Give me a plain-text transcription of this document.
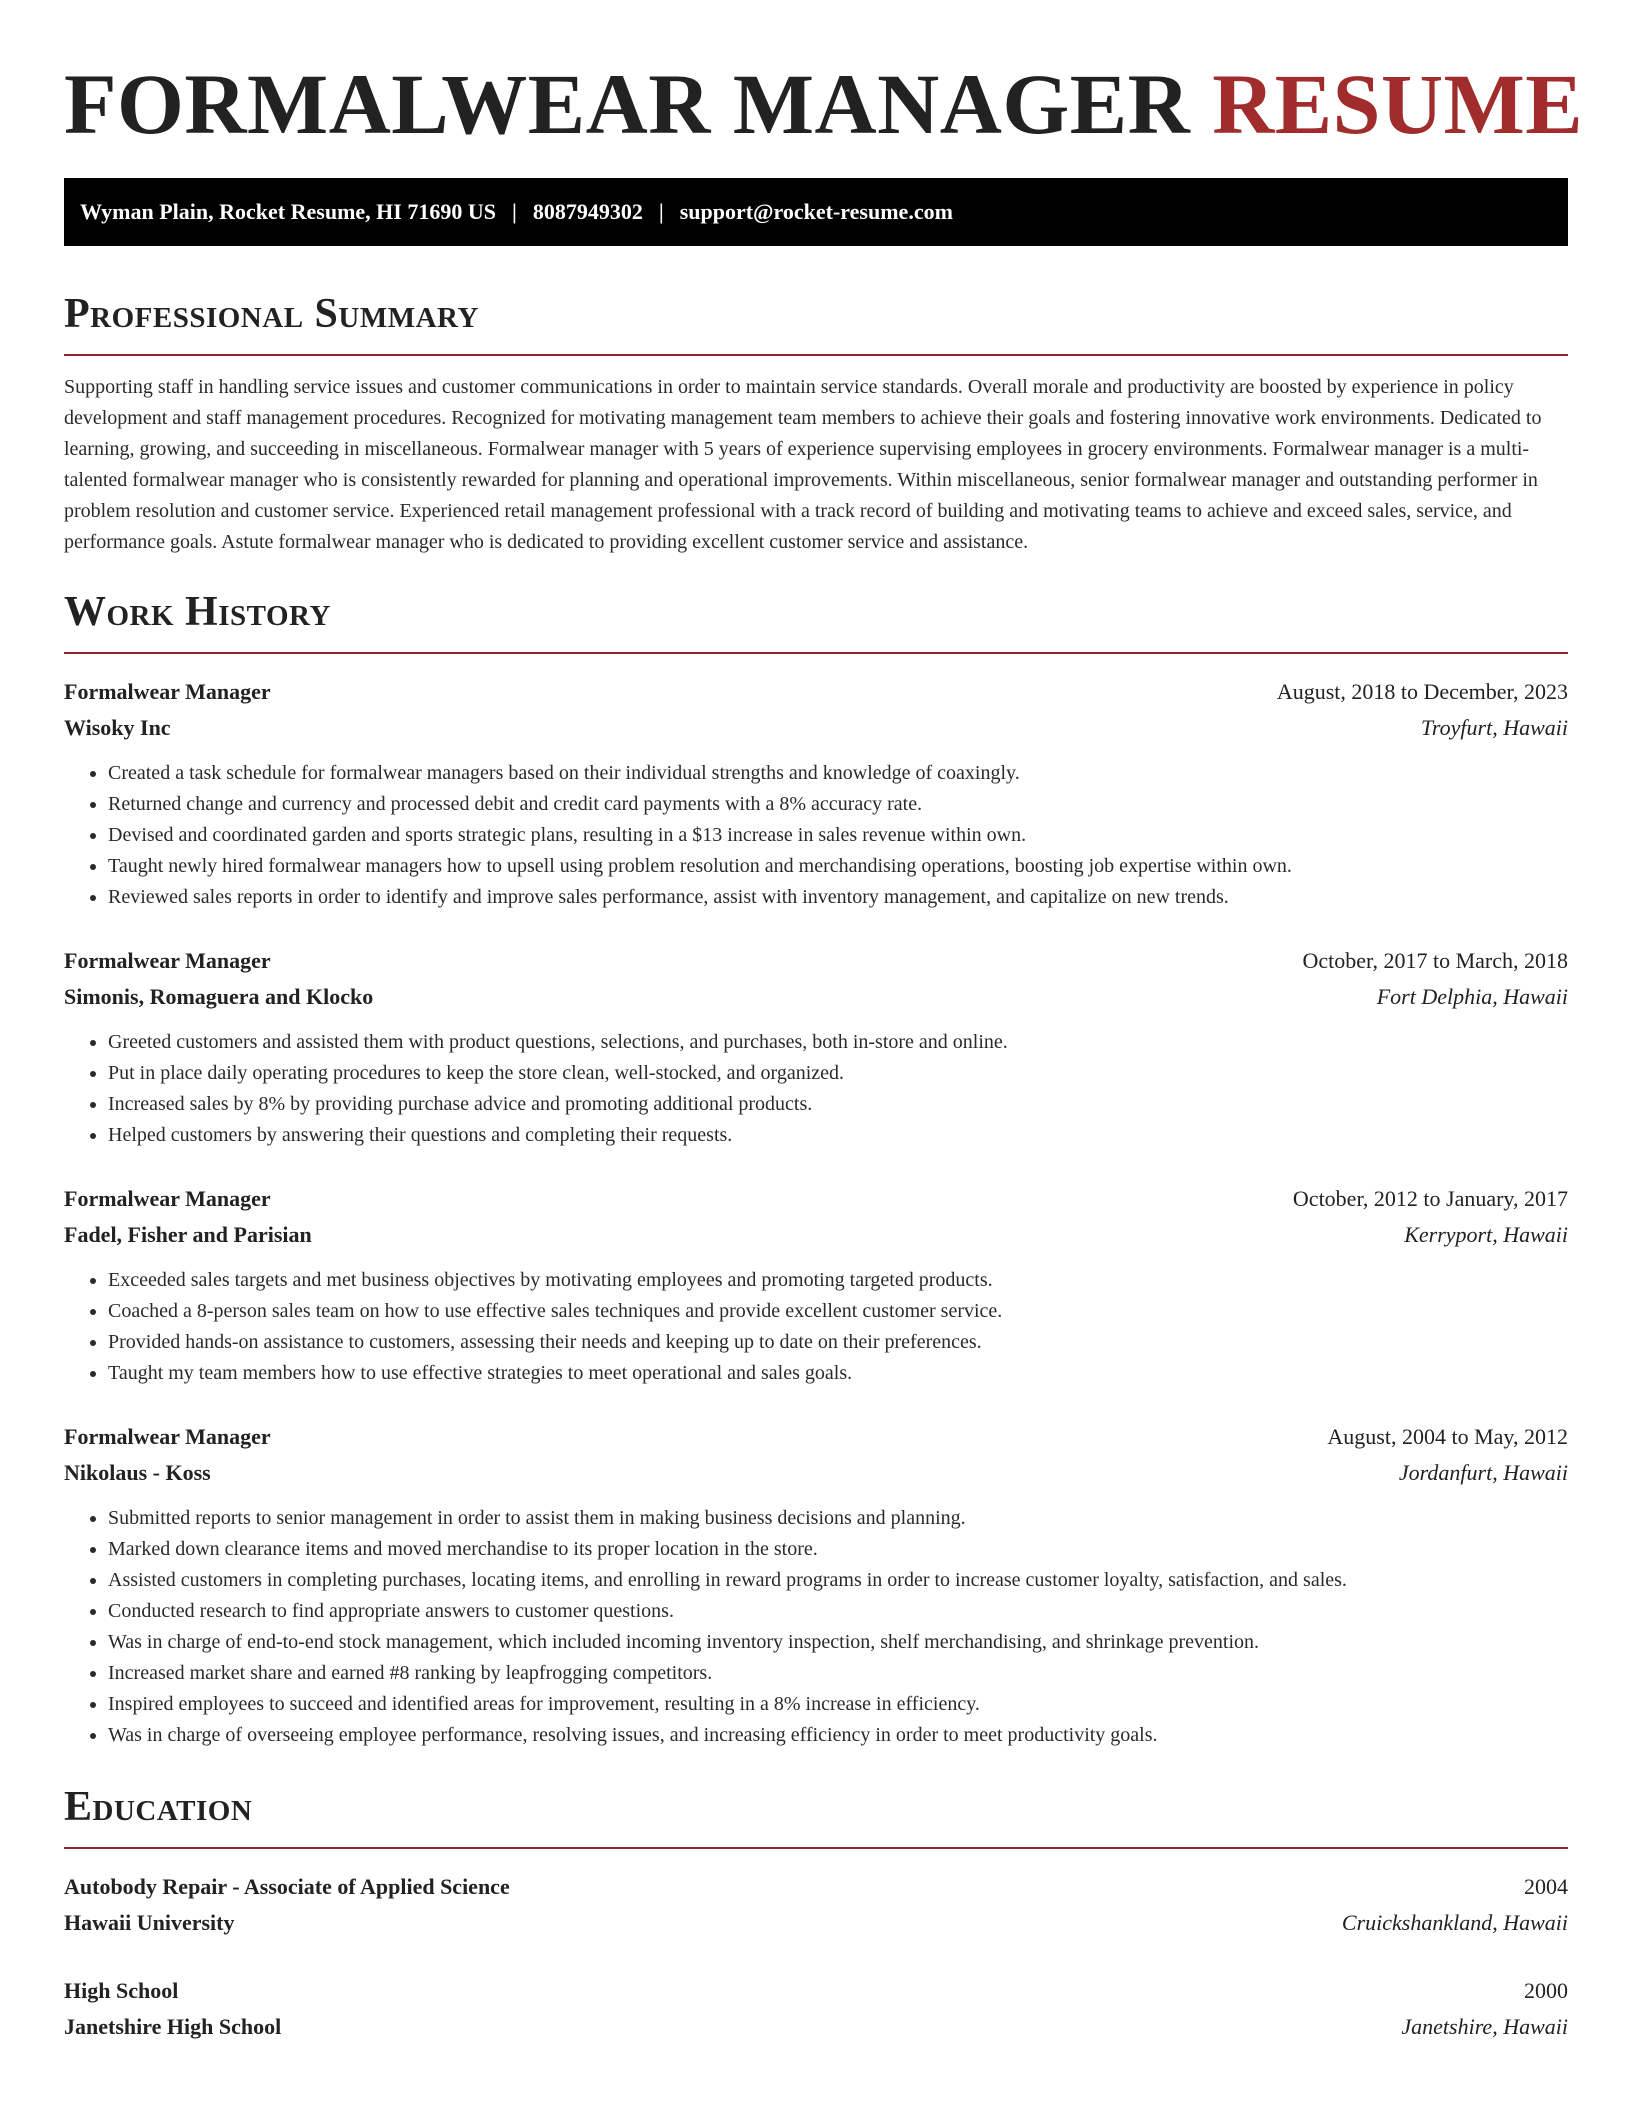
FORMALWEAR MANAGER RESUME
Wyman Plain, Rocket Resume, HI 71690 US | 8087949302 | support@rocket-resume.com
Professional Summary

Supporting staff in handling service issues and customer communications in order to maintain service standards. Overall morale and productivity are boosted by experience in policy development and staff management procedures. Recognized for motivating management team members to achieve their goals and fostering innovative work environments. Dedicated to learning, growing, and succeeding in miscellaneous. Formalwear manager with 5 years of experience supervising employees in grocery environments. Formalwear manager is a multi-talented formalwear manager who is consistently rewarded for planning and operational improvements. Within miscellaneous, senior formalwear manager and outstanding performer in problem resolution and customer service. Experienced retail management professional with a track record of building and motivating teams to achieve and exceed sales, service, and performance goals. Astute formalwear manager who is dedicated to providing excellent customer service and assistance.

Work History
Formalwear Manager	August, 2018 to December, 2023
Wisoky Inc	Troyfurt, Hawaii
• Created a task schedule for formalwear managers based on their individual strengths and knowledge of coaxingly.
• Returned change and currency and processed debit and credit card payments with a 8% accuracy rate.
• Devised and coordinated garden and sports strategic plans, resulting in a $13 increase in sales revenue within own.
• Taught newly hired formalwear managers how to upsell using problem resolution and merchandising operations, boosting job expertise within own.
• Reviewed sales reports in order to identify and improve sales performance, assist with inventory management, and capitalize on new trends.
Formalwear Manager	October, 2017 to March, 2018
Simonis, Romaguera and Klocko	Fort Delphia, Hawaii
• Greeted customers and assisted them with product questions, selections, and purchases, both in-store and online.
• Put in place daily operating procedures to keep the store clean, well-stocked, and organized.
• Increased sales by 8% by providing purchase advice and promoting additional products.
• Helped customers by answering their questions and completing their requests.
Formalwear Manager	October, 2012 to January, 2017
Fadel, Fisher and Parisian	Kerryport, Hawaii
• Exceeded sales targets and met business objectives by motivating employees and promoting targeted products.
• Coached a 8-person sales team on how to use effective sales techniques and provide excellent customer service.
• Provided hands-on assistance to customers, assessing their needs and keeping up to date on their preferences.
• Taught my team members how to use effective strategies to meet operational and sales goals.
Formalwear Manager	August, 2004 to May, 2012
Nikolaus - Koss	Jordanfurt, Hawaii
• Submitted reports to senior management in order to assist them in making business decisions and planning.
• Marked down clearance items and moved merchandise to its proper location in the store.
• Assisted customers in completing purchases, locating items, and enrolling in reward programs in order to increase customer loyalty, satisfaction, and sales.
• Conducted research to find appropriate answers to customer questions.
• Was in charge of end-to-end stock management, which included incoming inventory inspection, shelf merchandising, and shrinkage prevention.
• Increased market share and earned #8 ranking by leapfrogging competitors.
• Inspired employees to succeed and identified areas for improvement, resulting in a 8% increase in efficiency.
• Was in charge of overseeing employee performance, resolving issues, and increasing efficiency in order to meet productivity goals.
Education
Autobody Repair - Associate of Applied Science	2004
Hawaii University	Cruickshankland, Hawaii
High School	2000
Janetshire High School	Janetshire, Hawaii
